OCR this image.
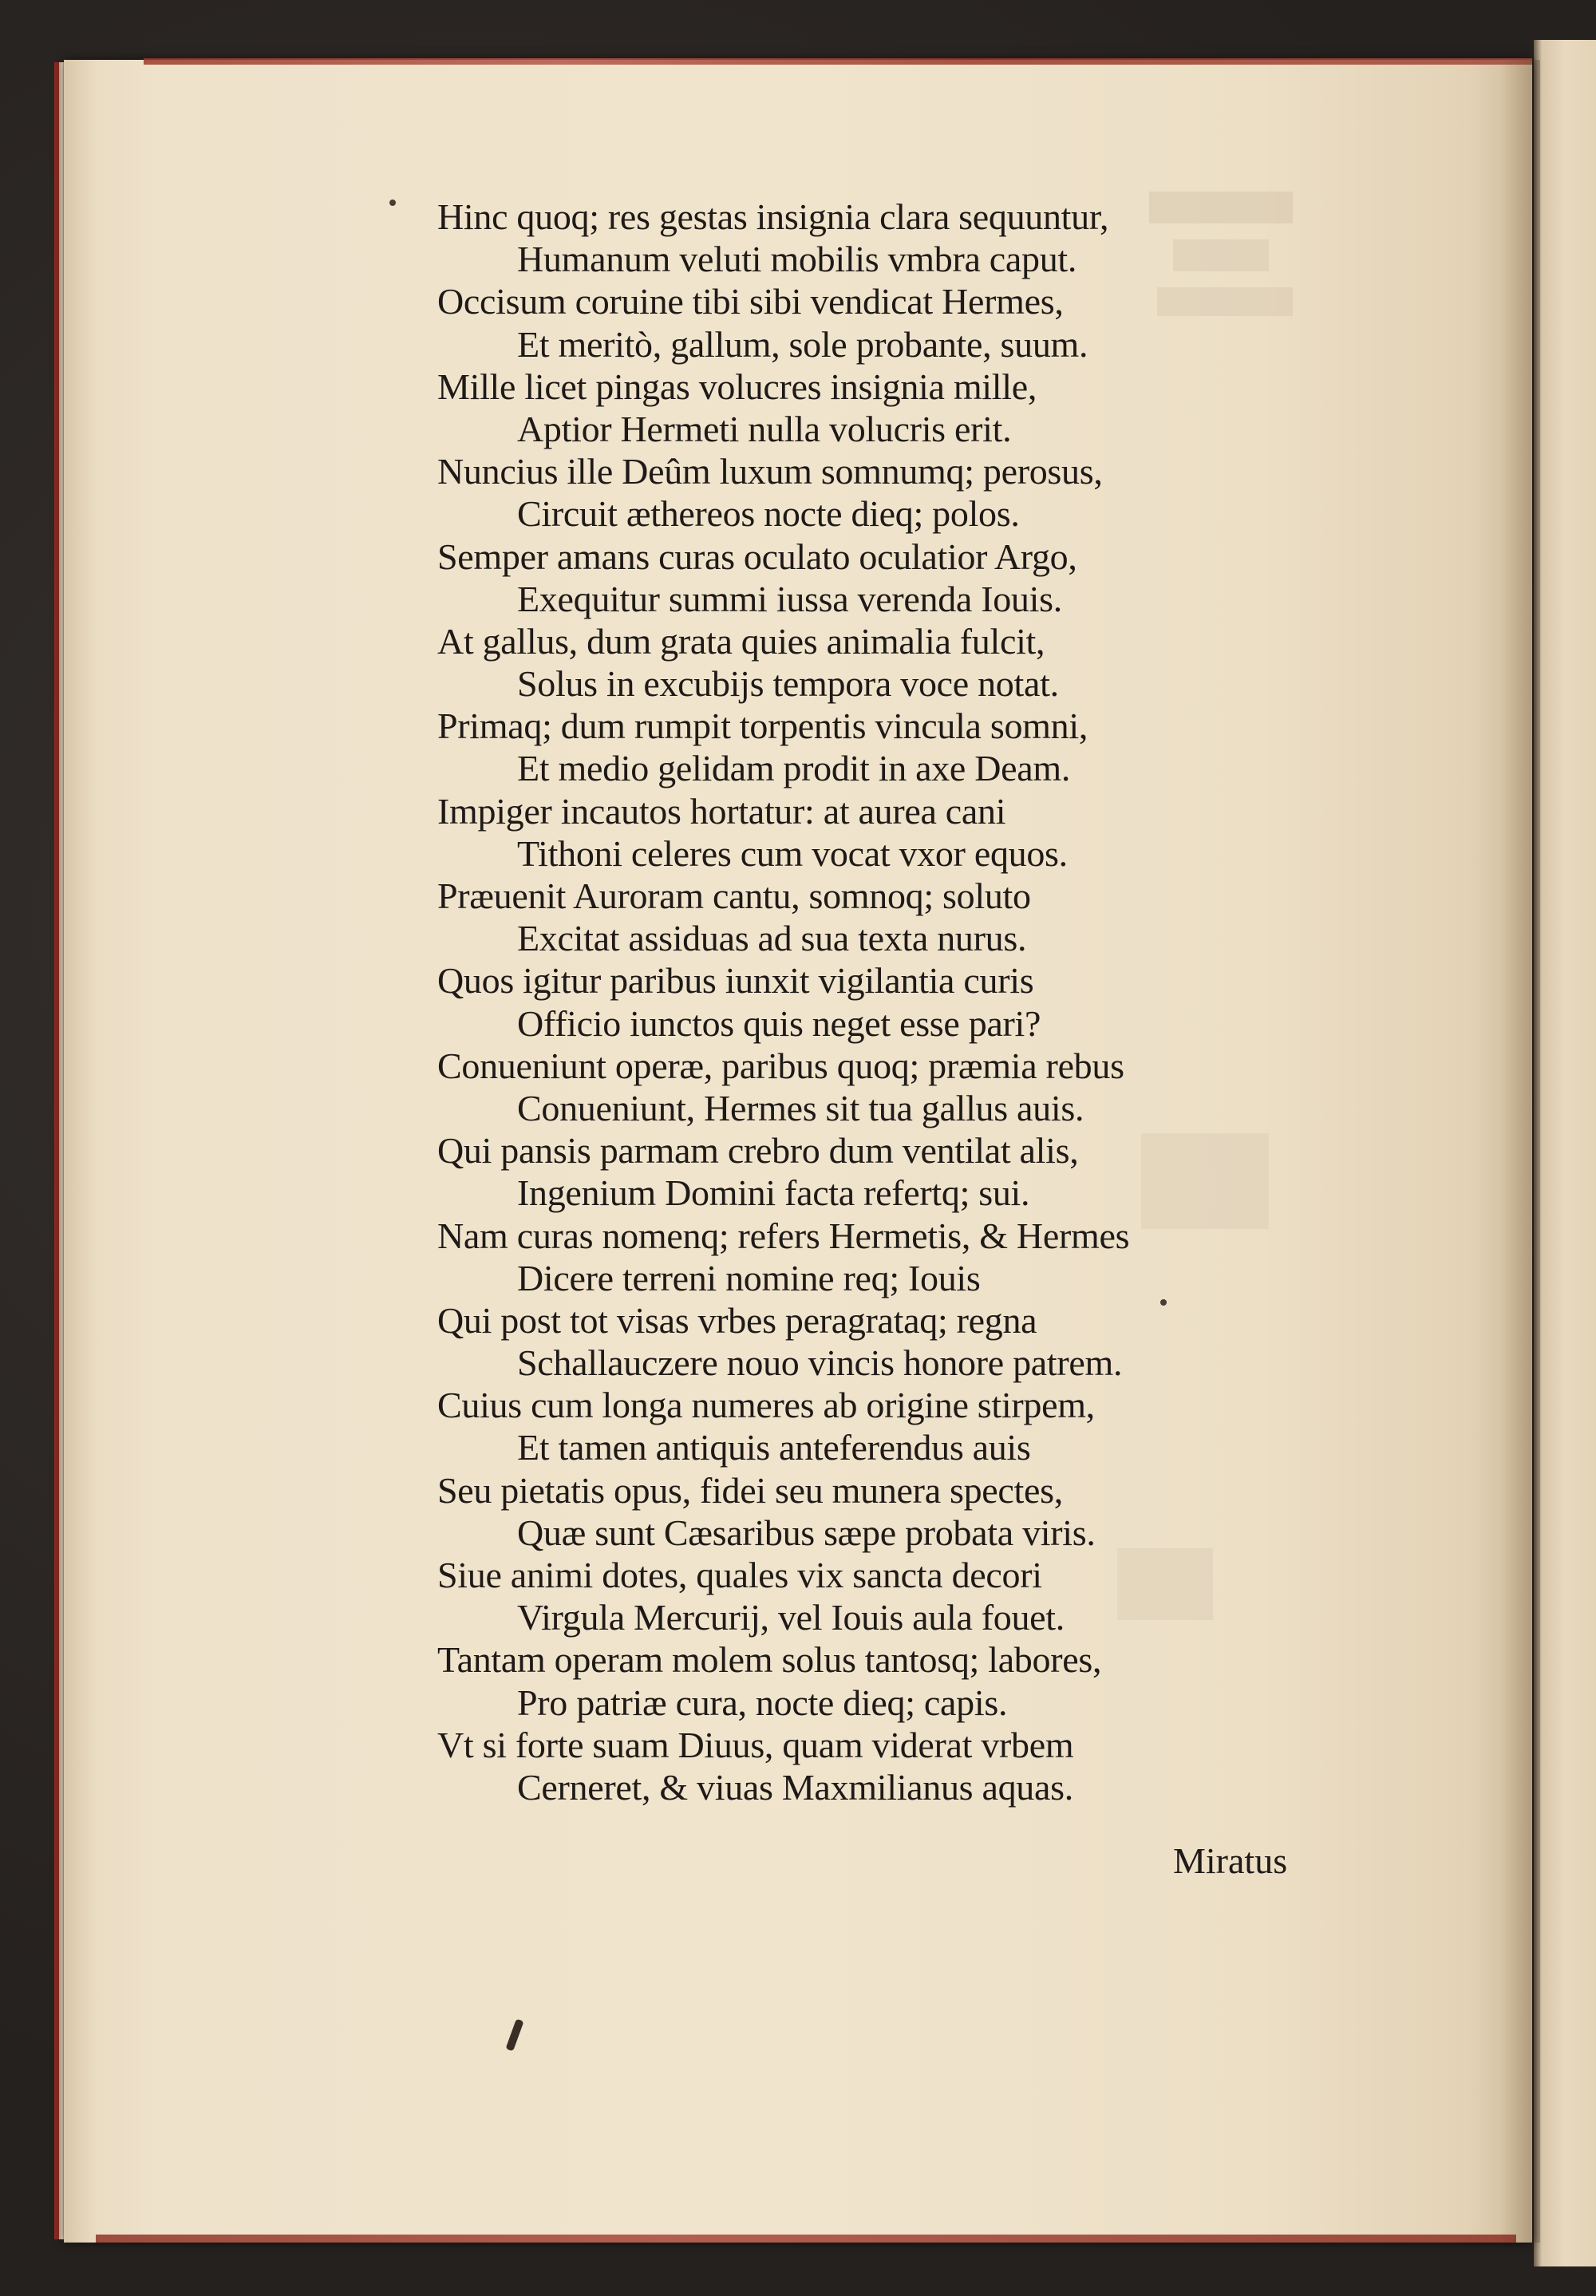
Hinc quoq; res gestas insignia clara sequuntur,
Humanum veluti mobilis vmbra caput.
Occisum coruine tibi sibi vendicat Hermes,
Et meritò, gallum, sole probante, suum.
Mille licet pingas volucres insignia mille,
Aptior Hermeti nulla volucris erit.
Nuncius ille Deûm luxum somnumq; perosus,
Circuit æthereos nocte dieq; polos.
Semper amans curas oculato oculatior Argo,
Exequitur summi iussa verenda Iouis.
At gallus, dum grata quies animalia fulcit,
Solus in excubijs tempora voce notat.
Primaq; dum rumpit torpentis vincula somni,
Et medio gelidam prodit in axe Deam.
Impiger incautos hortatur: at aurea cani
Tithoni celeres cum vocat vxor equos.
Præuenit Auroram cantu, somnoq; soluto
Excitat assiduas ad sua texta nurus.
Quos igitur paribus iunxit vigilantia curis
Officio iunctos quis neget esse pari?
Conueniunt operæ, paribus quoq; præmia rebus
Conueniunt, Hermes sit tua gallus auis.
Qui pansis parmam crebro dum ventilat alis,
Ingenium Domini facta refertq; sui.
Nam curas nomenq; refers Hermetis, & Hermes
Dicere terreni nomine req; Iouis
Qui post tot visas vrbes peragrataq; regna
Schallauczere nouo vincis honore patrem.
Cuius cum longa numeres ab origine stirpem,
Et tamen antiquis anteferendus auis
Seu pietatis opus, fidei seu munera spectes,
Quæ sunt Cæsaribus sæpe probata viris.
Siue animi dotes, quales vix sancta decori
Virgula Mercurij, vel Iouis aula fouet.
Tantam operam molem solus tantosq; labores,
Pro patriæ cura, nocte dieq; capis.
Vt si forte suam Diuus, quam viderat vrbem
Cerneret, & viuas Maxmilianus aquas.
Miratus
